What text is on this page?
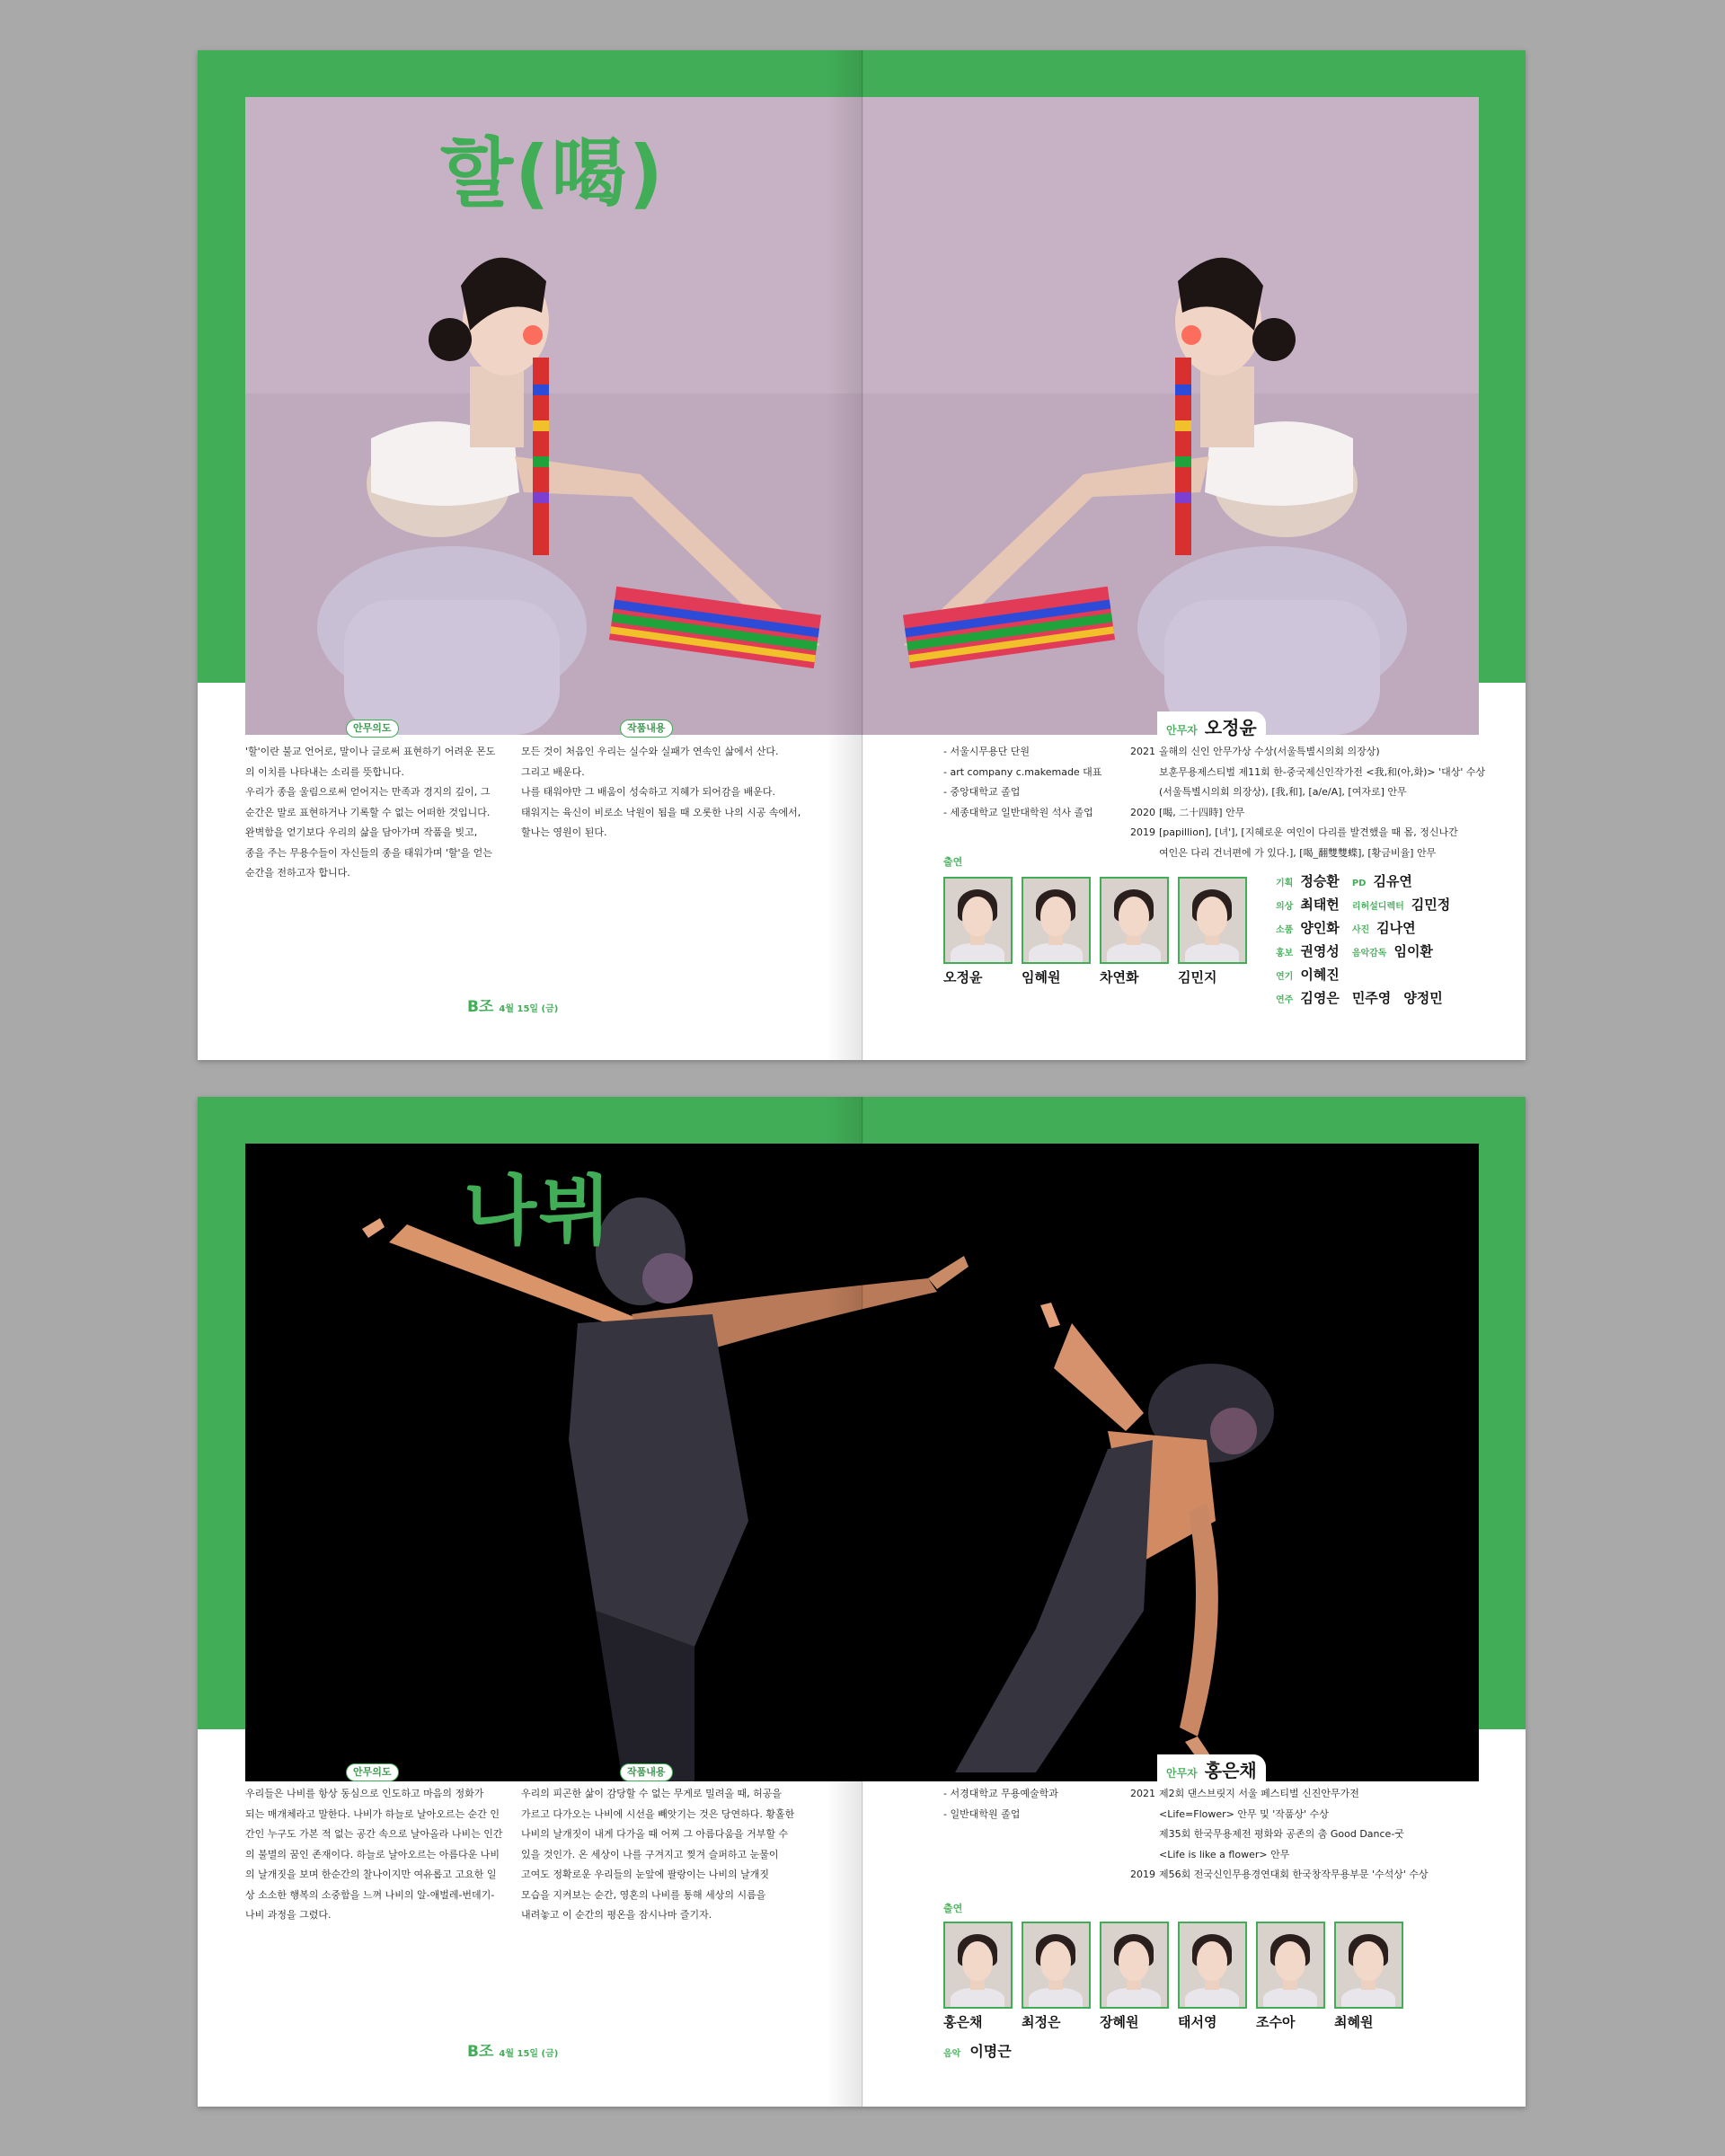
할(喝)
안무의도	작품내용

'할'이란 불교 언어로, 말이나 글로써 표현하기 어려운 몬도

의 이치를 나타내는 소리를 뜻합니다.

우리가 종을 울림으로써 얻어지는 만족과 경지의 깊이, 그

순간은 말로 표현하거나 기록할 수 없는 어떠한 것입니다.

완벽함을 얻기보다 우리의 삶을 담아가며 작품을 빚고,

종을 주는 무용수들이 자신들의 종을 태워가며 '할'을 얻는

순간을 전하고자 합니다.

모든 것이 처음인 우리는 실수와 실패가 연속인 삶에서 산다.

그리고 배운다.

나를 태워야만 그 배움이 성숙하고 지혜가 되어감을 배운다.

태워지는 육신이 비로소 낙원이 됨을 때 오롯한 나의 시공 속에서,

할나는 영원이 된다.

안무자 오정윤
- 서울시무용단 단원
- art company c.makemade 대표
- 중앙대학교 졸업
- 세종대학교 일반대학원 석사 졸업
2021 올해의 신인 안무가상 수상(서울특별시의회 의장상)
보훈무용제스티벌 제11회 한-중국제신인작가전 <我,和(아,화)> '대상' 수상
(서울특별시의회 의장상), [我,和], [a/e/A], [여자로] 안무
2020 [喝, 二十四時] 안무
2019 [papillion], [녀'], [지혜로운 여인이 다리를 발견했을 때 몸, 정신나간
여인은 다리 건너편에 가 있다.], [喝_翻雙雙蝶], [황금비율] 안무
출연
오정윤	임혜원	차연화	김민지
기획 정승환 PD 김유연
의상 최태헌 리허설디렉터 김민정
소품 양인화 사진 김나연
홍보 권영성 음악감독 임이환
연기 이혜진
연주 김영은 민주영 양정민
B조 4월 15일 (금)
나뷔
안무의도	작품내용

우리들은 나비를 항상 동심으로 인도하고 마음의 정화가

되는 매개체라고 말한다. 나비가 하늘로 날아오르는 순간 인

간인 누구도 가본 적 없는 공간 속으로 날아올라 나비는 인간

의 불멸의 꿈인 존재이다. 하늘로 날아오르는 아름다운 나비

의 날개짓을 보며 한순간의 찰나이지만 여유롭고 고요한 일

상 소소한 행복의 소중함을 느껴 나비의 알-애벌레-번데기-

나비 과정을 그렸다.

우리의 피곤한 삶이 감당할 수 없는 무게로 밀려올 때, 허공을

가르고 다가오는 나비에 시선을 빼앗기는 것은 당연하다. 황홀한

나비의 날개짓이 내게 다가올 때 어찌 그 아름다움을 거부할 수

있을 것인가. 온 세상이 나를 구겨지고 찢겨 슬퍼하고 눈물이

고여도 정확로운 우리들의 눈앞에 팔랑이는 나비의 날개짓

모습을 지켜보는 순간, 영혼의 나비를 통해 세상의 시름을

내려놓고 이 순간의 평온을 잠시나마 즐기자.

안무자 홍은채
- 서경대학교 무용예술학과
- 일반대학원 졸업
2021 제2회 댄스브릿지 서울 페스티벌 신진안무가전
<Life=Flower> 안무 및 '작품상' 수상
제35회 한국무용제전 평화와 공존의 춤 Good Dance-굿
<Life is like a flower> 안무
2019 제56회 전국신인무용경연대회 한국창작무용부문 '수석상' 수상
출연
홍은채	최정은	장혜원	태서영	조수아	최혜원
음악 이명근
B조 4월 15일 (금)
